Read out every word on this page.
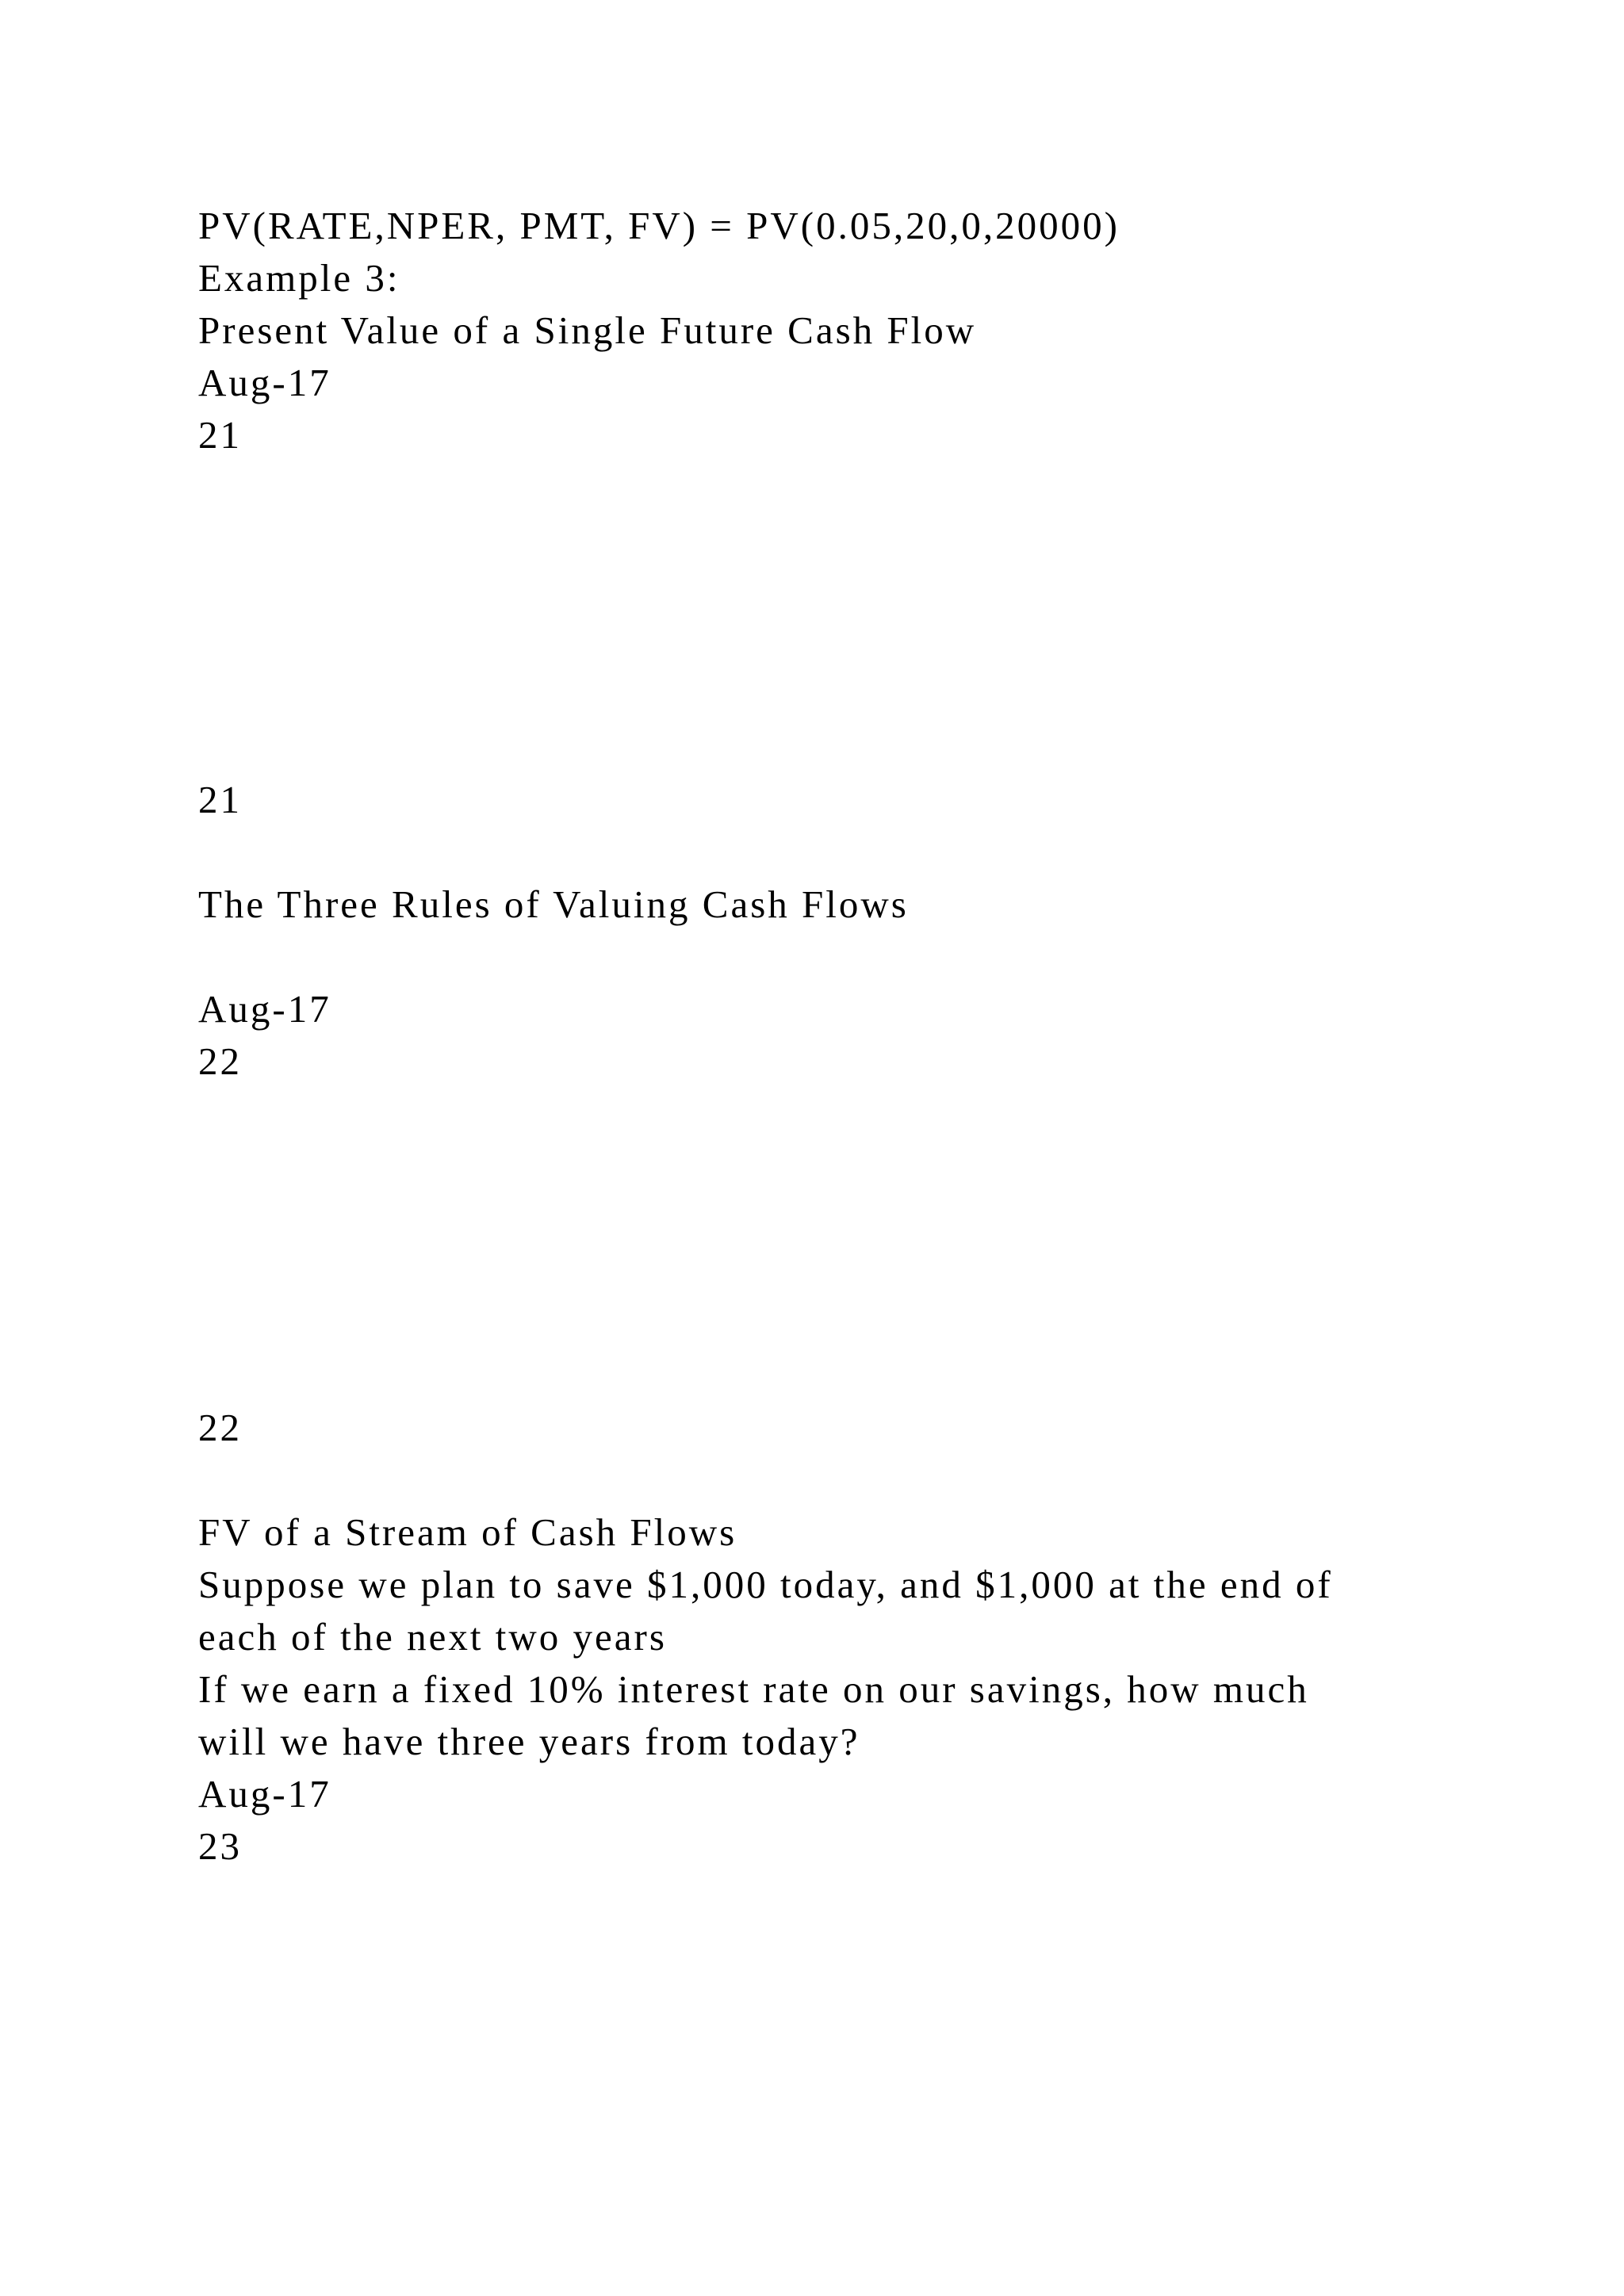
PV(RATE,NPER, PMT, FV) = PV(0.05,20,0,20000)
Example 3:
Present Value of a Single Future Cash Flow
Aug-17
21
21
The Three Rules of Valuing Cash Flows
Aug-17
22
22
FV of a Stream of Cash Flows
Suppose we plan to save $1,000 today, and $1,000 at the end of
each of the next two years
If we earn a fixed 10% interest rate on our savings, how much
will we have three years from today?
Aug-17
23
